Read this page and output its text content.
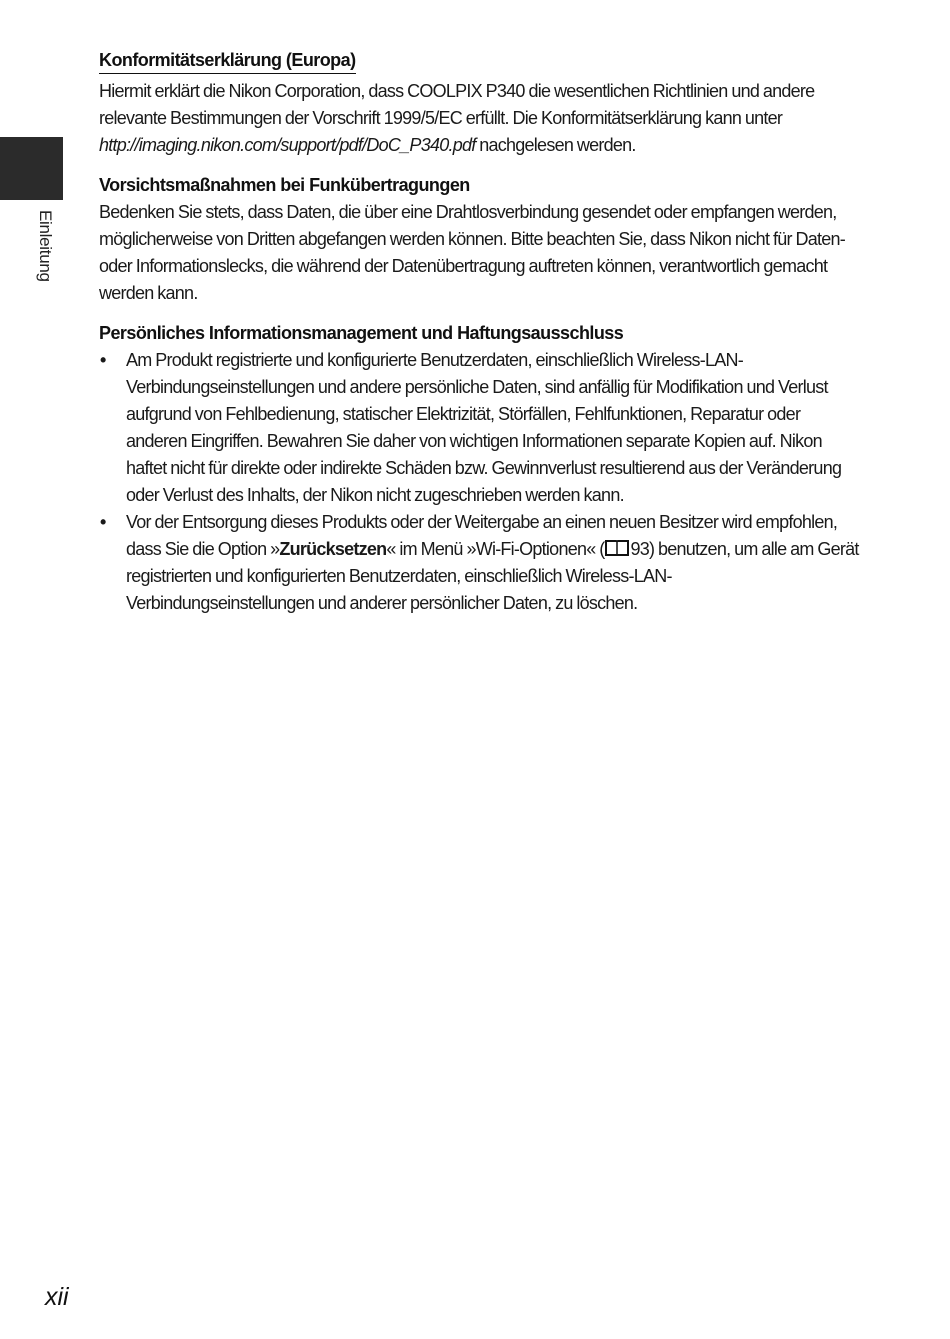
Einleitung
Konformitätserklärung (Europa)

Hiermit erklärt die Nikon Corporation, dass COOLPIX P340 die wesentlichen Richtlinien und andere relevante Bestimmungen der Vorschrift 1999/5/EC erfüllt. Die Konformitätserklärung kann unter http://imaging.nikon.com/support/pdf/DoC_P340.pdf nachgelesen werden.

Vorsichtsmaßnahmen bei Funkübertragungen

Bedenken Sie stets, dass Daten, die über eine Drahtlosverbindung gesendet oder empfangen werden, möglicherweise von Dritten abgefangen werden können. Bitte beachten Sie, dass Nikon nicht für Daten- oder Informationslecks, die während der Datenübertragung auftreten können, verantwortlich gemacht werden kann.

Persönliches Informationsmanagement und Haftungsausschluss
• Am Produkt registrierte und konfigurierte Benutzerdaten, einschließlich Wireless-LAN-Verbindungseinstellungen und andere persönliche Daten, sind anfällig für Modifikation und Verlust aufgrund von Fehlbedienung, statischer Elektrizität, Störfällen, Fehlfunktionen, Reparatur oder anderen Eingriffen. Bewahren Sie daher von wichtigen Informationen separate Kopien auf. Nikon haftet nicht für direkte oder indirekte Schäden bzw. Gewinnverlust resultierend aus der Veränderung oder Verlust des Inhalts, der Nikon nicht zugeschrieben werden kann.
• Vor der Entsorgung dieses Produkts oder der Weitergabe an einen neuen Besitzer wird empfohlen, dass Sie die Option »Zurücksetzen« im Menü »Wi-Fi-Optionen« ( 93) benutzen, um alle am Gerät registrierten und konfigurierten Benutzerdaten, einschließlich Wireless-LAN-Verbindungseinstellungen und anderer persönlicher Daten, zu löschen.
xii
